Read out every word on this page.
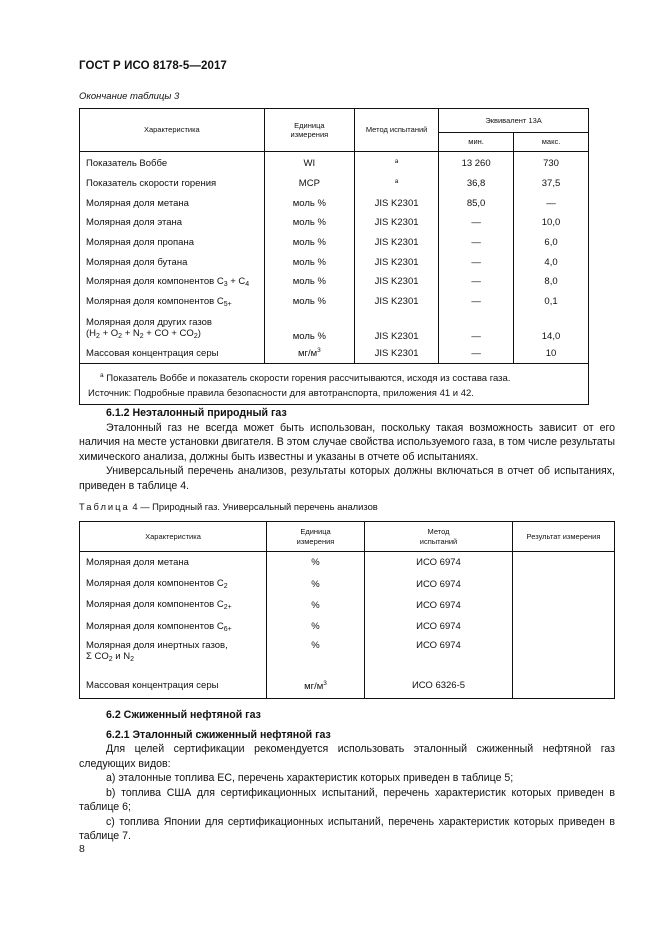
ГОСТ Р ИСО 8178-5—2017
Окончание таблицы 3
Характеристика	Единица измерения	Метод испытаний	Эквивалент 13А	
			мин.	макс.
Показатель Воббе	WI	$^а$	13 260	730
Показатель скорости горения	MCP	$^а$	36,8	37,5
Молярная доля метана	моль %	JIS K2301	85,0	—
Молярная доля этана	моль %	JIS K2301	—	10,0
Молярная доля пропана	моль %	JIS K2301	—	6,0
Молярная доля бутана	моль %	JIS K2301	—	4,0
Молярная доля компонентов $C_3 + C_4$	моль %	JIS K2301	—	8,0
Молярная доля компонентов $C_{5+}$	моль %	JIS K2301	—	0,1
Молярная доля других газов
($H_2 + O_2 + N_2$ + CO + $CO_2$)	моль %	JIS K2301	—	14,0
Массовая концентрация серы	$мг/м^3$	JIS K2301	—	10

$^а$ Показатель Воббе и показатель скорости горения рассчитываются, исходя из состава газа.
Источник: Подробные правила безопасности для автотранспорта, приложения 41 и 42.				

6.1.2 Неэталонный природный газ

Эталонный газ не всегда может быть использован, поскольку такая возможность зависит от его наличия на месте установки двигателя. В этом случае свойства используемого газа, в том числе результаты химического анализа, должны быть известны и указаны в отчете об испытаниях.

Универсальный перечень анализов, результаты которых должны включаться в отчет об испытаниях, приведен в таблице 4.

Таблица 4 — Природный газ. Универсальный перечень анализов
Характеристика	Единица измерения	Метод испытаний	Результат измерения
Молярная доля метана	%	ИСО 6974	
Молярная доля компонентов $C_2$	%	ИСО 6974	
Молярная доля компонентов $C_{2+}$	%	ИСО 6974	
Молярная доля компонентов $C_{6+}$	%	ИСО 6974	
Молярная доля инертных газов,
Σ $CO_2$ и $N_2$	%	ИСО 6974	
Массовая концентрация серы	$мг/м^3$	ИСО 6326-5	

6.2 Сжиженный нефтяной газ

6.2.1 Эталонный сжиженный нефтяной газ

Для целей сертификации рекомендуется использовать эталонный сжиженный нефтяной газ следующих видов:

а) эталонные топлива ЕС, перечень характеристик которых приведен в таблице 5;

b) топлива США для сертификационных испытаний, перечень характеристик которых приведен в таблице 6;

с) топлива Японии для сертификационных испытаний, перечень характеристик которых приведен в таблице 7.

8
